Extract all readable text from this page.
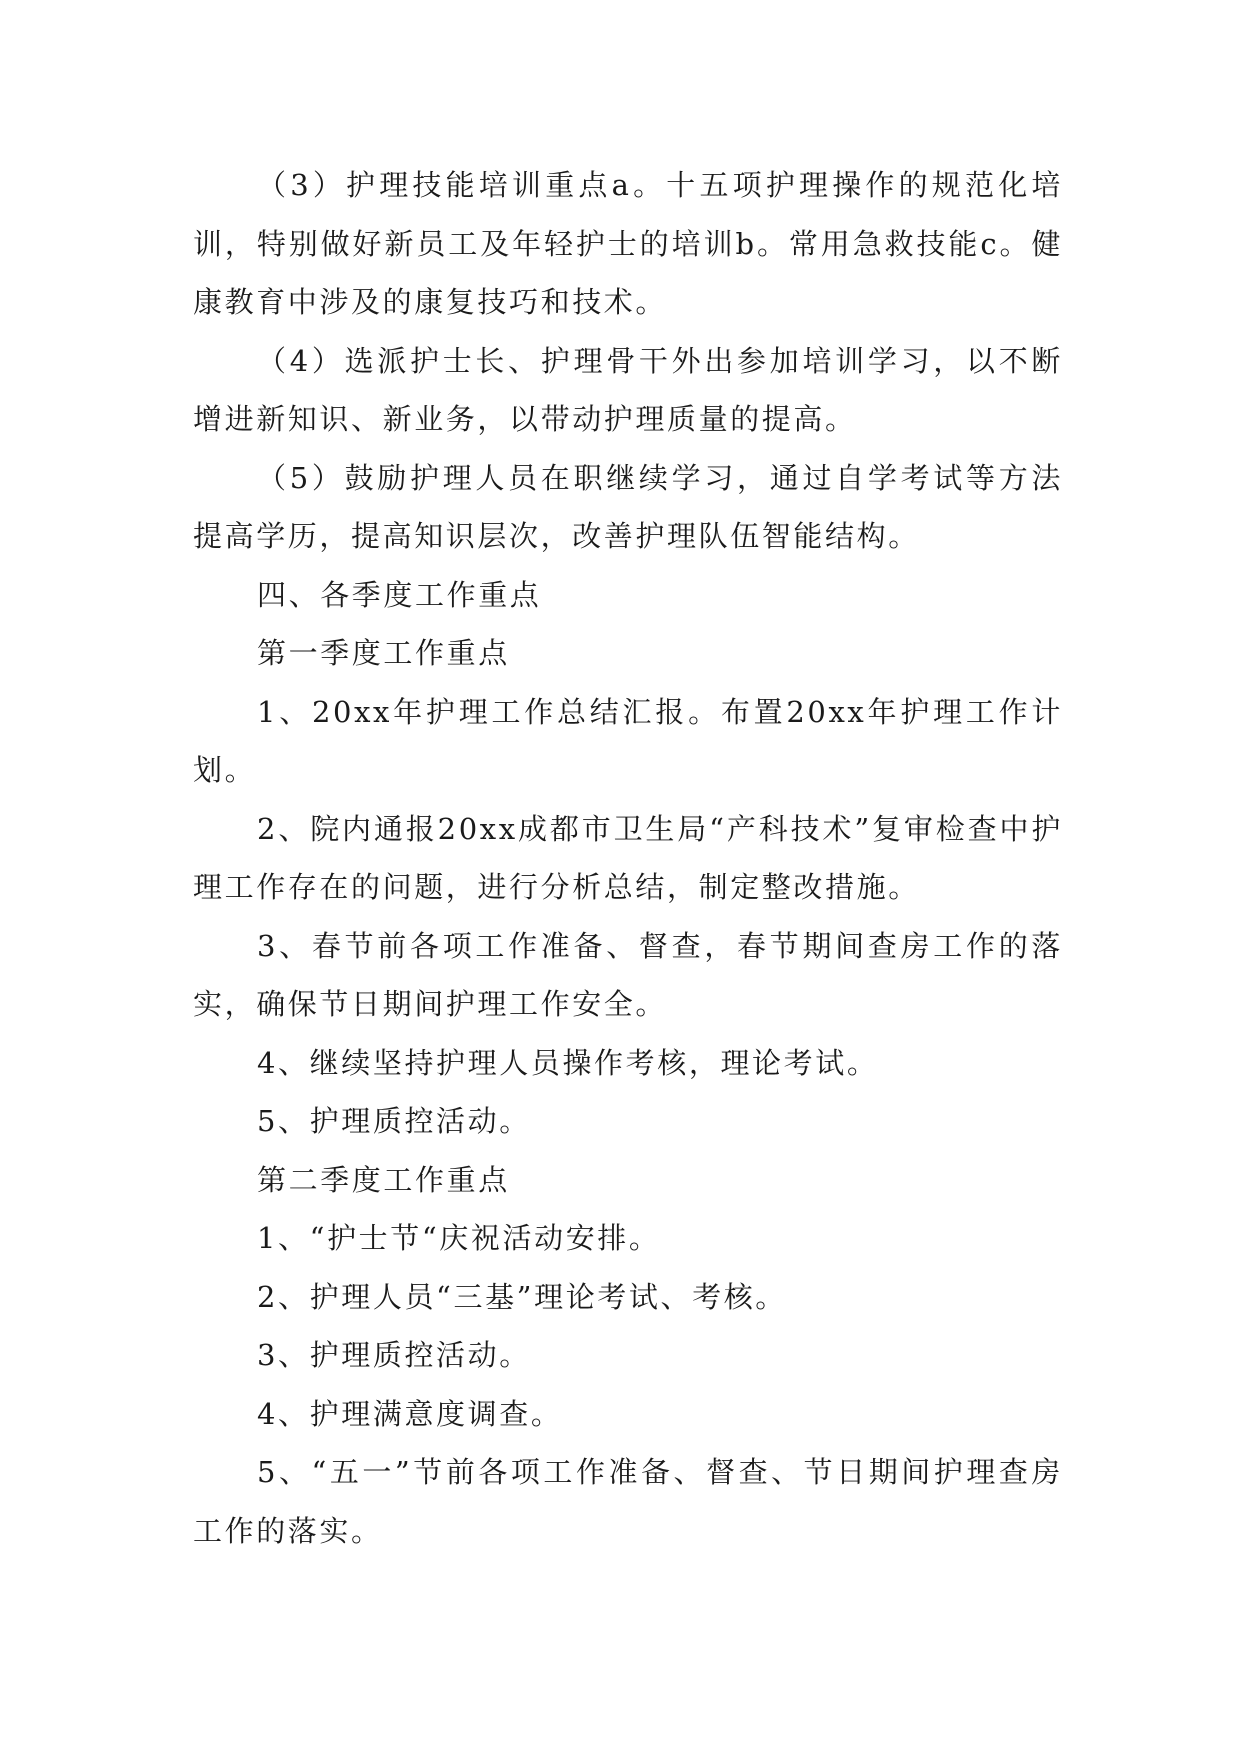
（3）护理技能培训重点a。十五项护理操作的规范化培训，特别做好新员工及年轻护士的培训b。常用急救技能c。健康教育中涉及的康复技巧和技术。

（4）选派护士长、护理骨干外出参加培训学习，以不断增进新知识、新业务，以带动护理质量的提高。

（5）鼓励护理人员在职继续学习，通过自学考试等方法提高学历，提高知识层次，改善护理队伍智能结构。

四、各季度工作重点

第一季度工作重点

1、20xx年护理工作总结汇报。布置20xx年护理工作计划。

2、院内通报20xx成都市卫生局“产科技术”复审检查中护理工作存在的问题，进行分析总结，制定整改措施。

3、春节前各项工作准备、督查，春节期间查房工作的落实，确保节日期间护理工作安全。

4、继续坚持护理人员操作考核，理论考试。

5、护理质控活动。

第二季度工作重点

1、“护士节“庆祝活动安排。

2、护理人员“三基”理论考试、考核。

3、护理质控活动。

4、护理满意度调查。

5、“五一”节前各项工作准备、督查、节日期间护理查房工作的落实。
